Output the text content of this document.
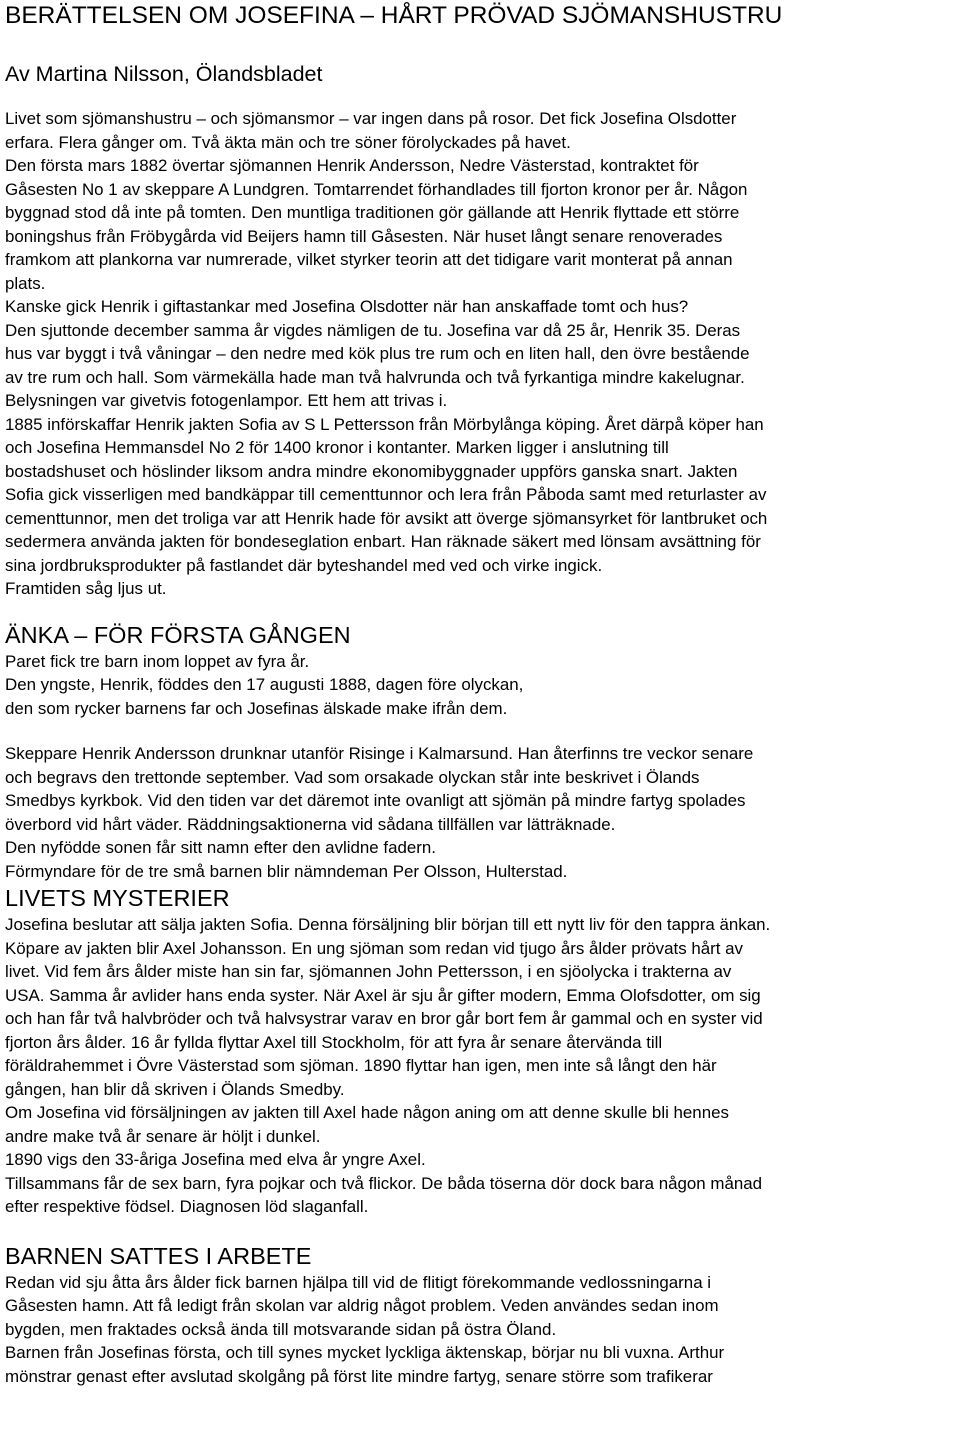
BERÄTTELSEN OM JOSEFINA – HÅRT PRÖVAD SJÖMANSHUSTRU
Av Martina Nilsson, Ölandsbladet
Livet som sjömanshustru – och sjömansmor – var ingen dans på rosor. Det fick Josefina Olsdotter
erfara. Flera gånger om. Två äkta män och tre söner förolyckades på havet.
Den första mars 1882 övertar sjömannen Henrik Andersson, Nedre Västerstad, kontraktet för
Gåsesten No 1 av skeppare A Lundgren. Tomtarrendet förhandlades till fjorton kronor per år. Någon
byggnad stod då inte på tomten. Den muntliga traditionen gör gällande att Henrik flyttade ett större
boningshus från Fröbygårda vid Beijers hamn till Gåsesten. När huset långt senare renoverades
framkom att plankorna var numrerade, vilket styrker teorin att det tidigare varit monterat på annan
plats.
Kanske gick Henrik i giftastankar med Josefina Olsdotter när han anskaffade tomt och hus?
Den sjuttonde december samma år vigdes nämligen de tu. Josefina var då 25 år, Henrik 35. Deras
hus var byggt i två våningar – den nedre med kök plus tre rum och en liten hall, den övre bestående
av tre rum och hall. Som värmekälla hade man två halvrunda och två fyrkantiga mindre kakelugnar.
Belysningen var givetvis fotogenlampor. Ett hem att trivas i.
1885 införskaffar Henrik jakten Sofia av S L Pettersson från Mörbylånga köping. Året därpå köper han
och Josefina Hemmansdel No 2 för 1400 kronor i kontanter. Marken ligger i anslutning till
bostadshuset och höslinder liksom andra mindre ekonomibyggnader uppförs ganska snart. Jakten
Sofia gick visserligen med bandkäppar till cementtunnor och lera från Påboda samt med returlaster av
cementtunnor, men det troliga var att Henrik hade för avsikt att överge sjömansyrket för lantbruket och
sedermera använda jakten för bondeseglation enbart. Han räknade säkert med lönsam avsättning för
sina jordbruksprodukter på fastlandet där byteshandel med ved och virke ingick.
Framtiden såg ljus ut.
ÄNKA – FÖR FÖRSTA GÅNGEN
Paret fick tre barn inom loppet av fyra år.
Den yngste, Henrik, föddes den 17 augusti 1888, dagen före olyckan,
den som rycker barnens far och Josefinas älskade make ifrån dem.
Skeppare Henrik Andersson drunknar utanför Risinge i Kalmarsund. Han återfinns tre veckor senare
och begravs den trettonde september. Vad som orsakade olyckan står inte beskrivet i Ölands
Smedbys kyrkbok. Vid den tiden var det däremot inte ovanligt att sjömän på mindre fartyg spolades
överbord vid hårt väder. Räddningsaktionerna vid sådana tillfällen var lätträknade.
Den nyfödde sonen får sitt namn efter den avlidne fadern.
Förmyndare för de tre små barnen blir nämndeman Per Olsson, Hulterstad.
LIVETS MYSTERIER
Josefina beslutar att sälja jakten Sofia. Denna försäljning blir början till ett nytt liv för den tappra änkan.
Köpare av jakten blir Axel Johansson. En ung sjöman som redan vid tjugo års ålder prövats hårt av
livet. Vid fem års ålder miste han sin far, sjömannen John Pettersson, i en sjöolycka i trakterna av
USA. Samma år avlider hans enda syster. När Axel är sju år gifter modern, Emma Olofsdotter, om sig
och han får två halvbröder och två halvsystrar varav en bror går bort fem år gammal och en syster vid
fjorton års ålder. 16 år fyllda flyttar Axel till Stockholm, för att fyra år senare återvända till
föräldrahemmet i Övre Västerstad som sjöman. 1890 flyttar han igen, men inte så långt den här
gången, han blir då skriven i Ölands Smedby.
Om Josefina vid försäljningen av jakten till Axel hade någon aning om att denne skulle bli hennes
andre make två år senare är höljt i dunkel.
1890 vigs den 33-åriga Josefina med elva år yngre Axel.
Tillsammans får de sex barn, fyra pojkar och två flickor. De båda töserna dör dock bara någon månad
efter respektive födsel. Diagnosen löd slaganfall.
BARNEN SATTES I ARBETE
Redan vid sju åtta års ålder fick barnen hjälpa till vid de flitigt förekommande vedlossningarna i
Gåsesten hamn. Att få ledigt från skolan var aldrig något problem. Veden användes sedan inom
bygden, men fraktades också ända till motsvarande sidan på östra Öland.
Barnen från Josefinas första, och till synes mycket lyckliga äktenskap, börjar nu bli vuxna. Arthur
mönstrar genast efter avslutad skolgång på först lite mindre fartyg, senare större som trafikerar
